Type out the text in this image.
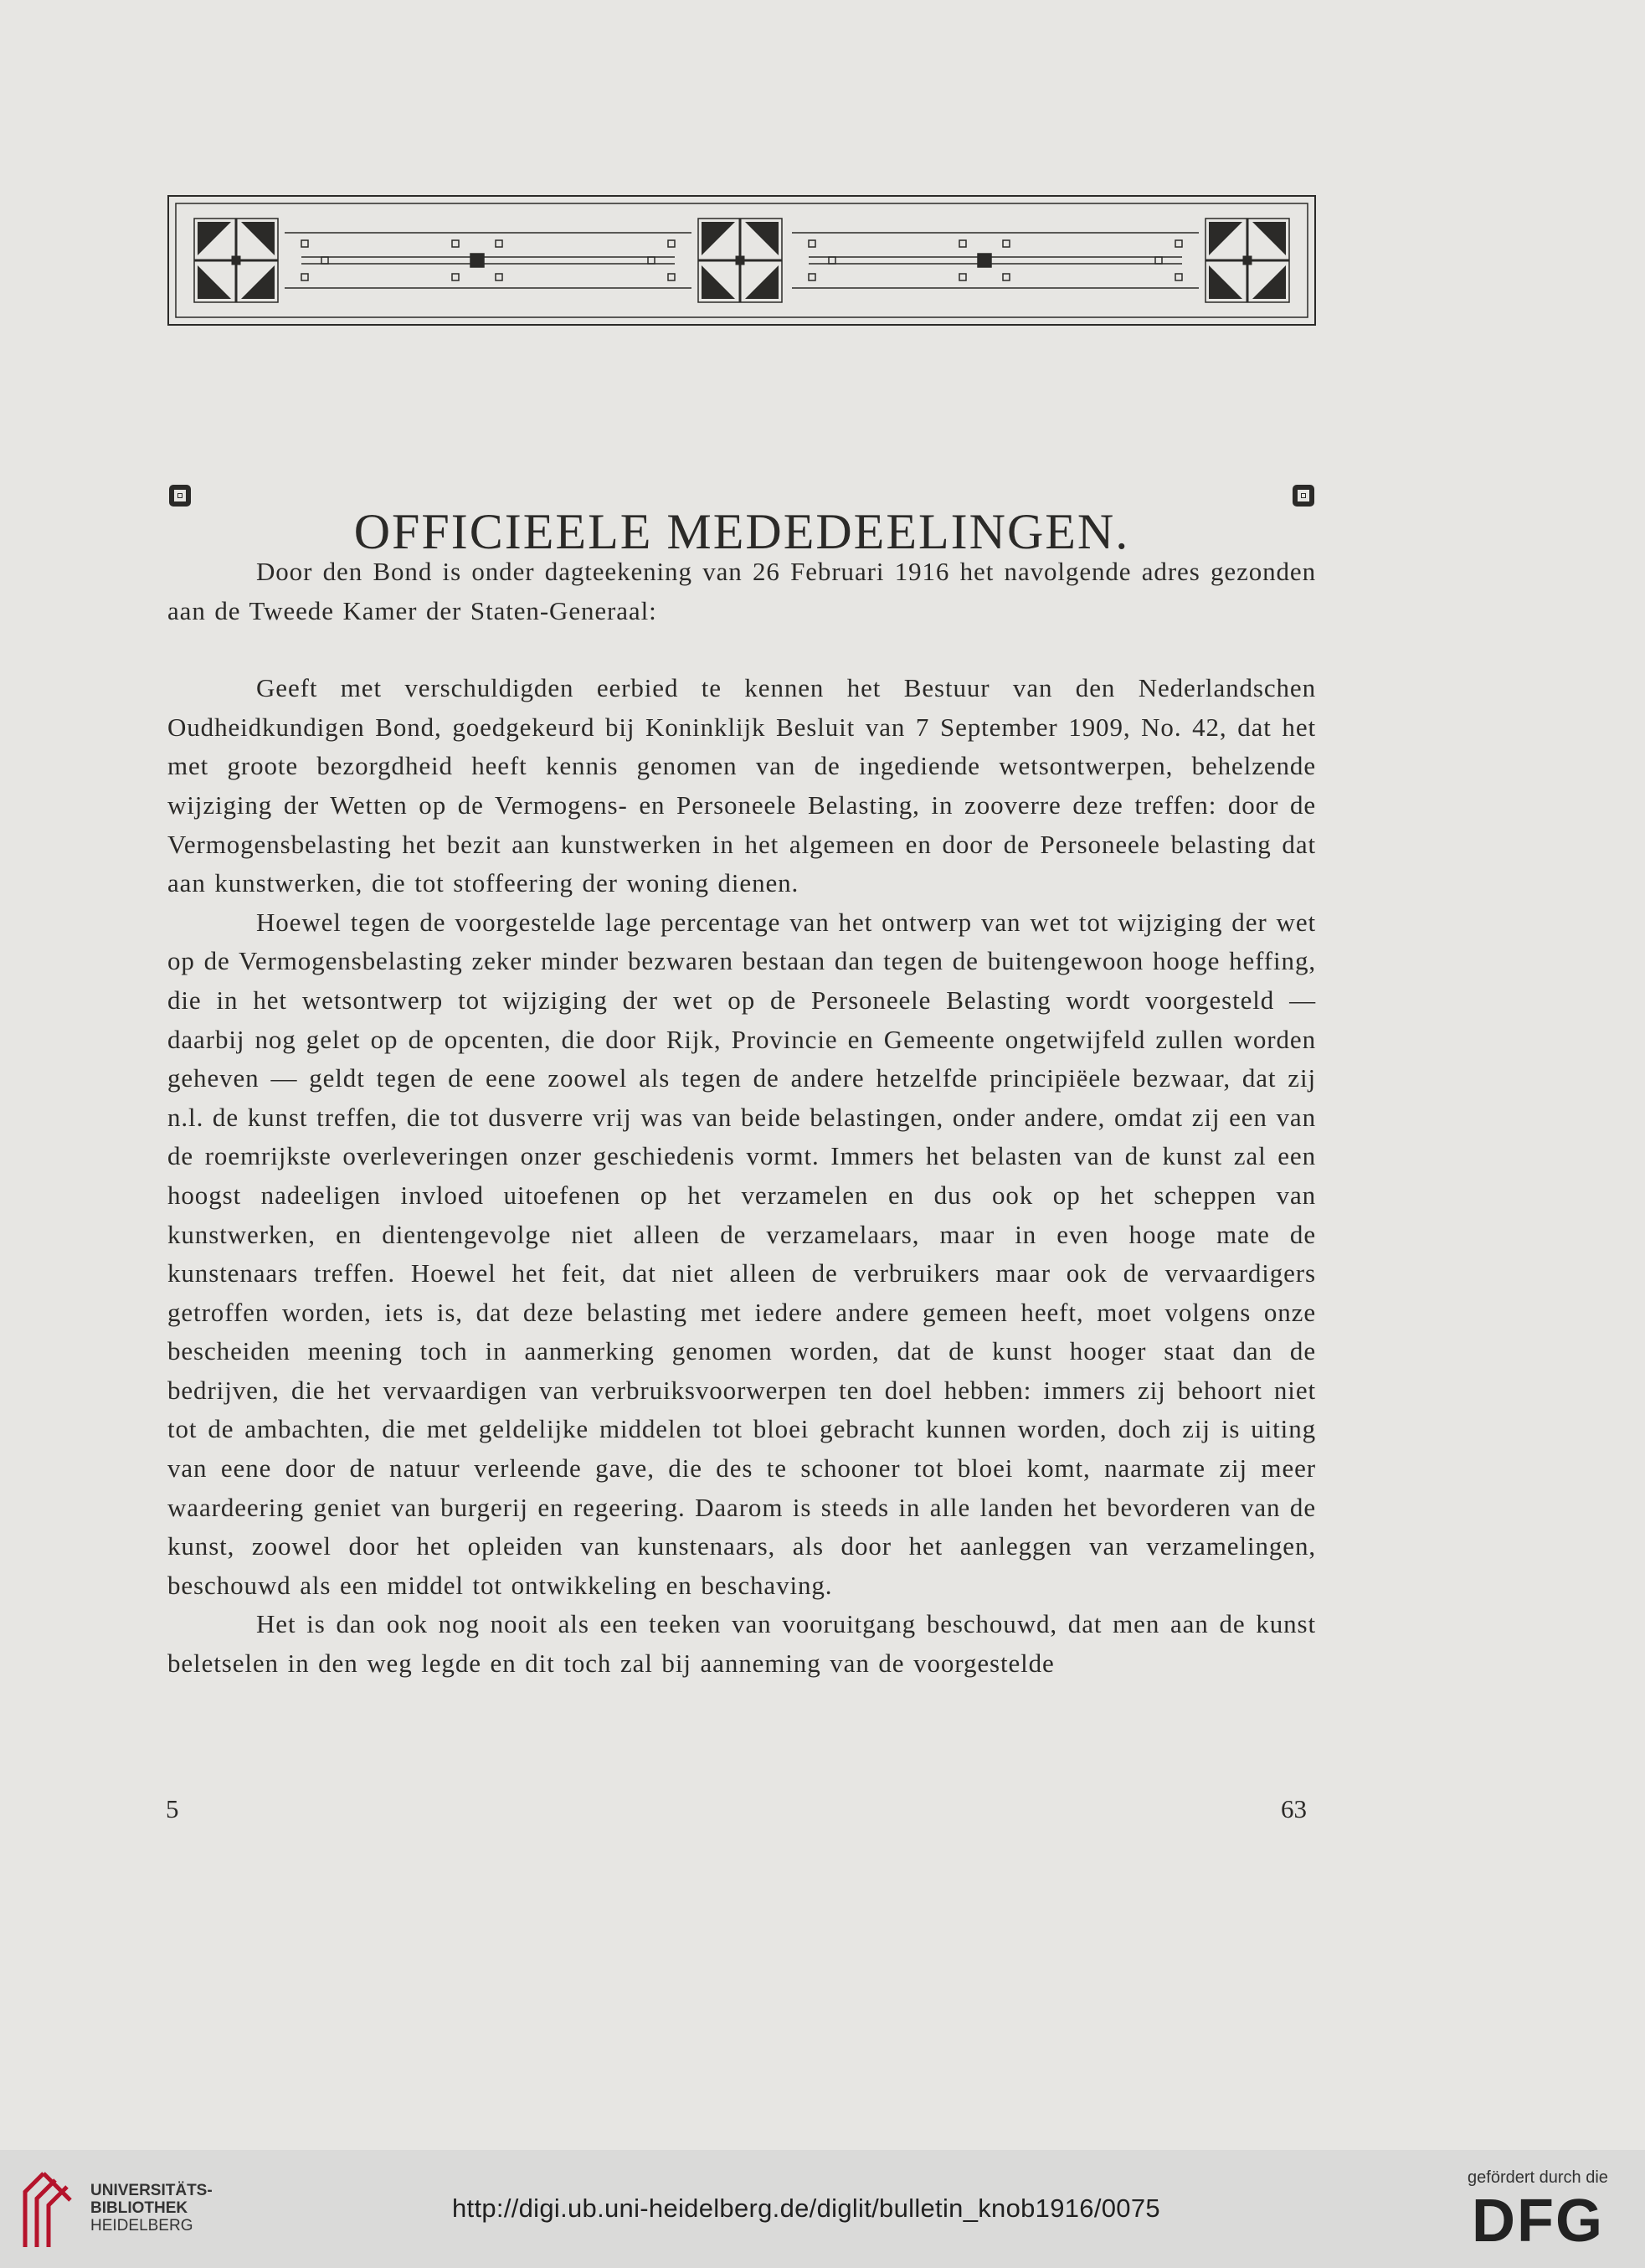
OFFICIEELE MEDEDEELINGEN.

Door den Bond is onder dagteekening van 26 Februari 1916 het navolgende adres gezonden aan de Tweede Kamer der Staten-Generaal:

Geeft met verschuldigden eerbied te kennen het Bestuur van den Nederlandschen Oudheidkundigen Bond, goedgekeurd bij Koninklijk Besluit van 7 September 1909, No. 42, dat het met groote bezorgdheid heeft kennis genomen van de ingediende wetsontwerpen, behelzende wijziging der Wetten op de Vermogens- en Personeele Belasting, in zooverre deze treffen: door de Vermogensbelasting het bezit aan kunstwerken in het algemeen en door de Personeele belasting dat aan kunstwerken, die tot stoffeering der woning dienen.

Hoewel tegen de voorgestelde lage percentage van het ontwerp van wet tot wijziging der wet op de Vermogensbelasting zeker minder bezwaren bestaan dan tegen de buitengewoon hooge heffing, die in het wetsontwerp tot wijziging der wet op de Personeele Belasting wordt voorgesteld — daarbij nog gelet op de opcenten, die door Rijk, Provincie en Gemeente ongetwijfeld zullen worden geheven — geldt tegen de eene zoowel als tegen de andere hetzelfde principiëele bezwaar, dat zij n.l. de kunst treffen, die tot dusverre vrij was van beide belastingen, onder andere, omdat zij een van de roemrijkste overleveringen onzer geschiedenis vormt. Immers het belasten van de kunst zal een hoogst nadeeligen invloed uitoefenen op het verzamelen en dus ook op het scheppen van kunstwerken, en dientengevolge niet alleen de verzamelaars, maar in even hooge mate de kunstenaars treffen. Hoewel het feit, dat niet alleen de verbruikers maar ook de vervaardigers getroffen worden, iets is, dat deze belasting met iedere andere gemeen heeft, moet volgens onze bescheiden meening toch in aanmerking genomen worden, dat de kunst hooger staat dan de bedrijven, die het vervaardigen van verbruiksvoorwerpen ten doel hebben: immers zij behoort niet tot de ambachten, die met geldelijke middelen tot bloei gebracht kunnen worden, doch zij is uiting van eene door de natuur verleende gave, die des te schooner tot bloei komt, naarmate zij meer waardeering geniet van burgerij en regeering. Daarom is steeds in alle landen het bevorderen van de kunst, zoowel door het opleiden van kunstenaars, als door het aanleggen van verzamelingen, beschouwd als een middel tot ontwikkeling en beschaving.

Het is dan ook nog nooit als een teeken van vooruitgang beschouwd, dat men aan de kunst beletselen in den weg legde en dit toch zal bij aanneming van de voorgestelde

5	63
UNIVERSITÄTS-
BIBLIOTHEK
HEIDELBERG
http://digi.ub.uni-heidelberg.de/diglit/bulletin_knob1916/0075
gefördert durch die
DFG
